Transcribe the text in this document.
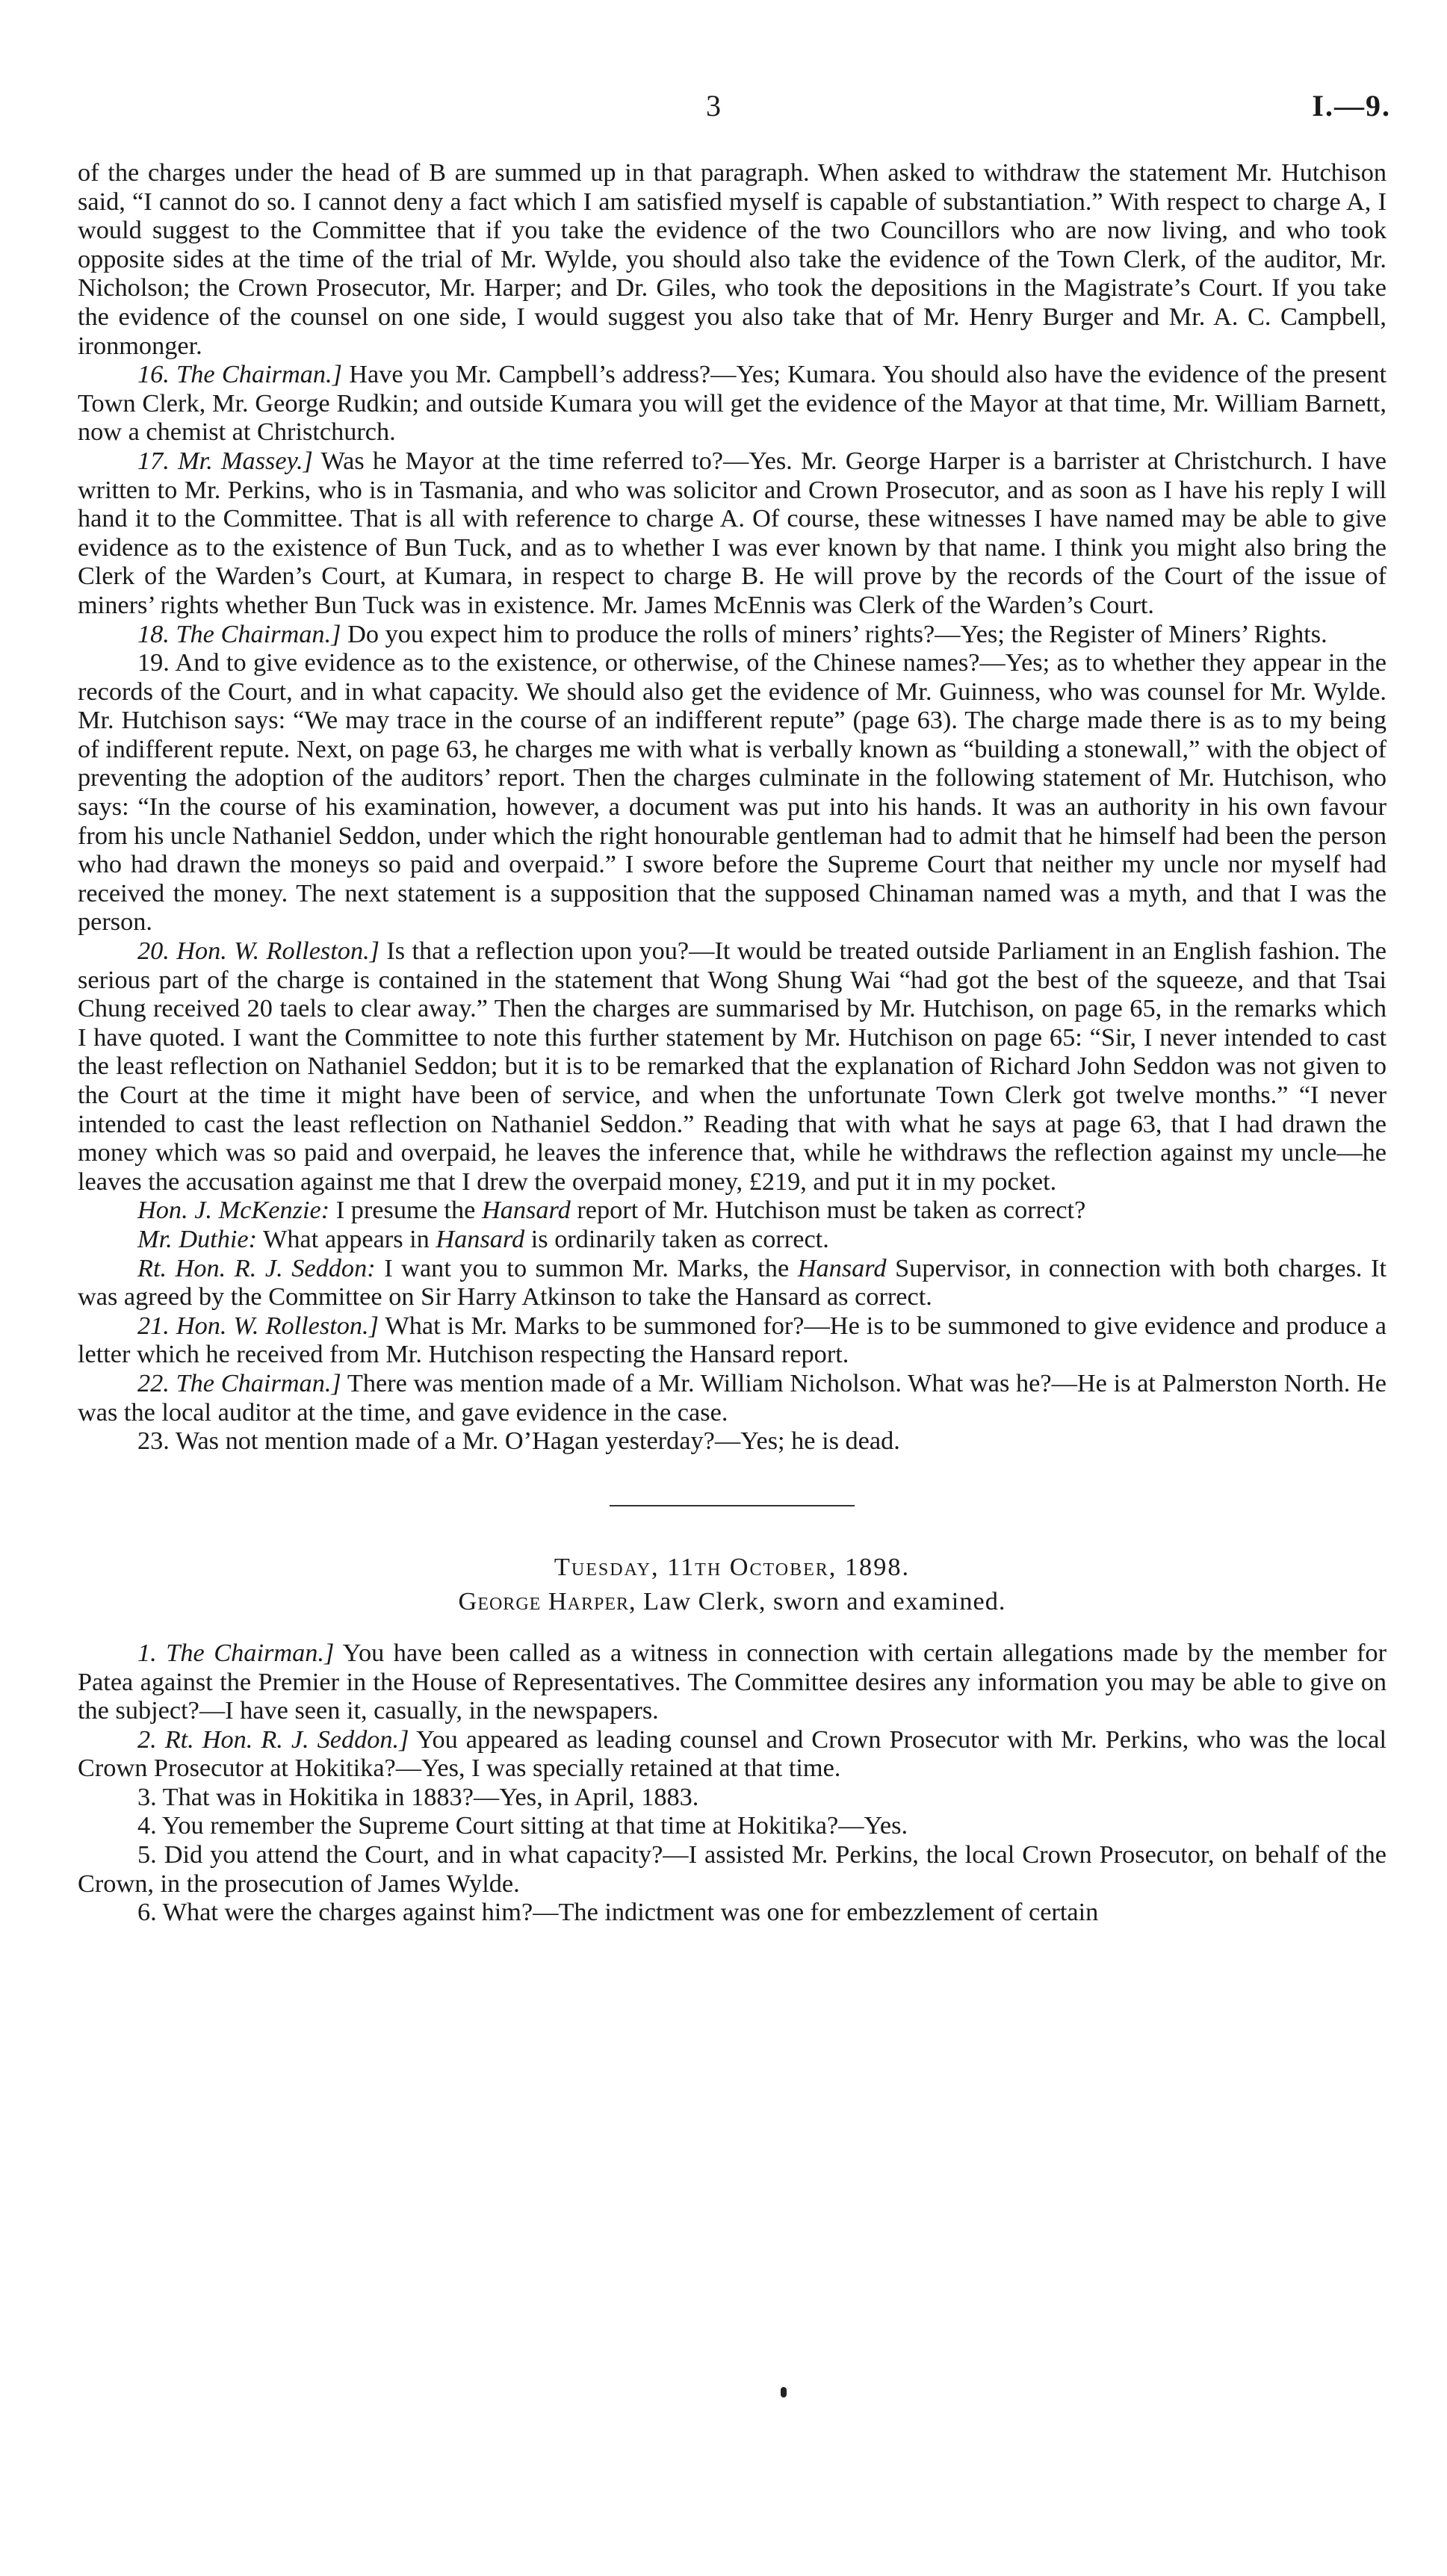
3	I.—9.

of the charges under the head of B are summed up in that paragraph. When asked to withdraw the statement Mr. Hutchison said, “I cannot do so. I cannot deny a fact which I am satisfied myself is capable of substantiation.” With respect to charge A, I would suggest to the Committee that if you take the evidence of the two Councillors who are now living, and who took opposite sides at the time of the trial of Mr. Wylde, you should also take the evidence of the Town Clerk, of the auditor, Mr. Nicholson; the Crown Prosecutor, Mr. Harper; and Dr. Giles, who took the depositions in the Magistrate’s Court. If you take the evidence of the counsel on one side, I would suggest you also take that of Mr. Henry Burger and Mr. A. C. Campbell, ironmonger.

16. The Chairman.] Have you Mr. Campbell’s address?—Yes; Kumara. You should also have the evidence of the present Town Clerk, Mr. George Rudkin; and outside Kumara you will get the evidence of the Mayor at that time, Mr. William Barnett, now a chemist at Christchurch.

17. Mr. Massey.] Was he Mayor at the time referred to?—Yes. Mr. George Harper is a barrister at Christchurch. I have written to Mr. Perkins, who is in Tasmania, and who was solicitor and Crown Prosecutor, and as soon as I have his reply I will hand it to the Committee. That is all with reference to charge A. Of course, these witnesses I have named may be able to give evidence as to the existence of Bun Tuck, and as to whether I was ever known by that name. I think you might also bring the Clerk of the Warden’s Court, at Kumara, in respect to charge B. He will prove by the records of the Court of the issue of miners’ rights whether Bun Tuck was in existence. Mr. James McEnnis was Clerk of the Warden’s Court.

18. The Chairman.] Do you expect him to produce the rolls of miners’ rights?—Yes; the Register of Miners’ Rights.

19. And to give evidence as to the existence, or otherwise, of the Chinese names?—Yes; as to whether they appear in the records of the Court, and in what capacity. We should also get the evidence of Mr. Guinness, who was counsel for Mr. Wylde. Mr. Hutchison says: “We may trace in the course of an indifferent repute” (page 63). The charge made there is as to my being of indifferent repute. Next, on page 63, he charges me with what is verbally known as “building a stonewall,” with the object of preventing the adoption of the auditors’ report. Then the charges culminate in the following statement of Mr. Hutchison, who says: “In the course of his examination, however, a document was put into his hands. It was an authority in his own favour from his uncle Nathaniel Seddon, under which the right honourable gentleman had to admit that he himself had been the person who had drawn the moneys so paid and overpaid.” I swore before the Supreme Court that neither my uncle nor myself had received the money. The next statement is a supposition that the supposed Chinaman named was a myth, and that I was the person.

20. Hon. W. Rolleston.] Is that a reflection upon you?—It would be treated outside Parliament in an English fashion. The serious part of the charge is contained in the statement that Wong Shung Wai “had got the best of the squeeze, and that Tsai Chung received 20 taels to clear away.” Then the charges are summarised by Mr. Hutchison, on page 65, in the remarks which I have quoted. I want the Committee to note this further statement by Mr. Hutchison on page 65: “Sir, I never intended to cast the least reflection on Nathaniel Seddon; but it is to be remarked that the explanation of Richard John Seddon was not given to the Court at the time it might have been of service, and when the unfortunate Town Clerk got twelve months.” “I never intended to cast the least reflection on Nathaniel Seddon.” Reading that with what he says at page 63, that I had drawn the money which was so paid and overpaid, he leaves the inference that, while he withdraws the reflection against my uncle—he leaves the accusation against me that I drew the overpaid money, £219, and put it in my pocket.

Hon. J. McKenzie: I presume the Hansard report of Mr. Hutchison must be taken as correct?

Mr. Duthie: What appears in Hansard is ordinarily taken as correct.

Rt. Hon. R. J. Seddon: I want you to summon Mr. Marks, the Hansard Supervisor, in connection with both charges. It was agreed by the Committee on Sir Harry Atkinson to take the Hansard as correct.

21. Hon. W. Rolleston.] What is Mr. Marks to be summoned for?—He is to be summoned to give evidence and produce a letter which he received from Mr. Hutchison respecting the Hansard report.

22. The Chairman.] There was mention made of a Mr. William Nicholson. What was he?—He is at Palmerston North. He was the local auditor at the time, and gave evidence in the case.

23. Was not mention made of a Mr. O’Hagan yesterday?—Yes; he is dead.

Tuesday, 11th October, 1898.
George Harper, Law Clerk, sworn and examined.

1. The Chairman.] You have been called as a witness in connection with certain allegations made by the member for Patea against the Premier in the House of Representatives. The Committee desires any information you may be able to give on the subject?—I have seen it, casually, in the newspapers.

2. Rt. Hon. R. J. Seddon.] You appeared as leading counsel and Crown Prosecutor with Mr. Perkins, who was the local Crown Prosecutor at Hokitika?—Yes, I was specially retained at that time.

3. That was in Hokitika in 1883?—Yes, in April, 1883.

4. You remember the Supreme Court sitting at that time at Hokitika?—Yes.

5. Did you attend the Court, and in what capacity?—I assisted Mr. Perkins, the local Crown Prosecutor, on behalf of the Crown, in the prosecution of James Wylde.

6. What were the charges against him?—The indictment was one for embezzlement of certain
